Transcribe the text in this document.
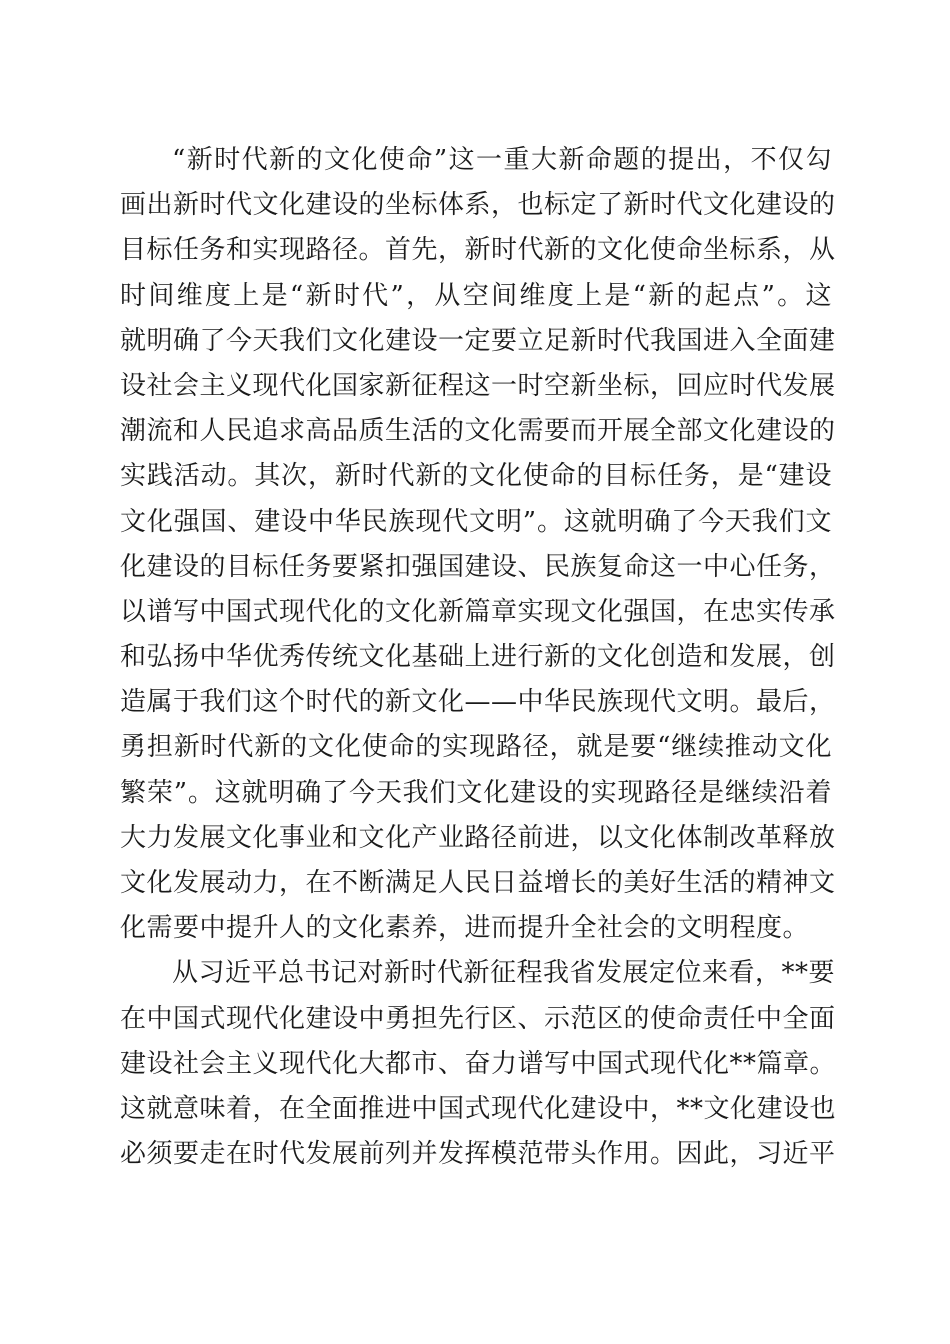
“新时代新的文化使命”这一重大新命题的提出，不仅勾
画出新时代文化建设的坐标体系，也标定了新时代文化建设的
目标任务和实现路径。首先，新时代新的文化使命坐标系，从
时间维度上是“新时代”，从空间维度上是“新的起点”。这
就明确了今天我们文化建设一定要立足新时代我国进入全面建
设社会主义现代化国家新征程这一时空新坐标，回应时代发展
潮流和人民追求高品质生活的文化需要而开展全部文化建设的
实践活动。其次，新时代新的文化使命的目标任务，是“建设
文化强国、建设中华民族现代文明”。这就明确了今天我们文
化建设的目标任务要紧扣强国建设、民族复命这一中心任务，
以谱写中国式现代化的文化新篇章实现文化强国，在忠实传承
和弘扬中华优秀传统文化基础上进行新的文化创造和发展，创
造属于我们这个时代的新文化——中华民族现代文明。最后，
勇担新时代新的文化使命的实现路径，就是要“继续推动文化
繁荣”。这就明确了今天我们文化建设的实现路径是继续沿着
大力发展文化事业和文化产业路径前进，以文化体制改革释放
文化发展动力，在不断满足人民日益增长的美好生活的精神文
化需要中提升人的文化素养，进而提升全社会的文明程度。
从习近平总书记对新时代新征程我省发展定位来看，**要
在中国式现代化建设中勇担先行区、示范区的使命责任中全面
建设社会主义现代化大都市、奋力谱写中国式现代化**篇章。
这就意味着，在全面推进中国式现代化建设中，**文化建设也
必须要走在时代发展前列并发挥模范带头作用。因此，习近平
